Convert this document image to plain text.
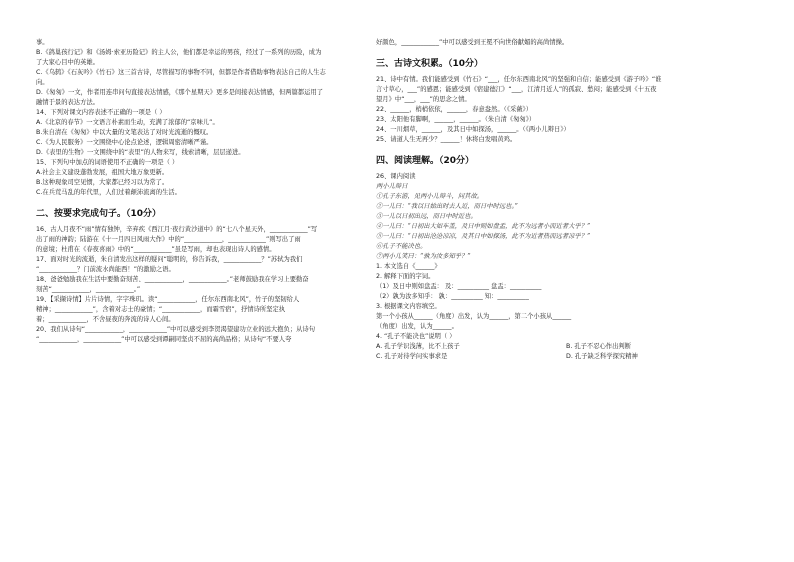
事。
B.《鸽巢孩行记》和《汤姆·索亚历险记》的主人公，他们都是幸运的男孩，经过了一系列的历险，成为
了大家心目中的英雄。
C.《乌鸫》《石灰吟》《竹石》这三首古诗，尽管描写的事物不同，但都是作者借助事物表达自己的人生志
向。
D.《匆匆》一文，作者用连串问句直接表达情感，《那个星期天》更多是间接表达情感，但两篇都运用了
融情于景的表达方法。
14、下列对课文内容表述不正确的一项是（ ）
A.《北京的春节》一文语言朴素而生动，充满了浓郁的“京味儿”。
B.朱自清在《匆匆》中以大量的文笔表达了对时光流逝的慨叹。
C.《为人民服务》一文围绕中心论点论述，逻辑周密清晰严谨。
D.《表里的生物》一文围绕中的“表里”的人物来写，线索清晰，层层递进。
15、下列句中加点的词语使用不正确的一项是（ ）
A.社会主义建设蓬勃发展，祖国大地万象更新。
B.这种现象司空见惯，大家都已经习以为常了。
C.在兵荒马乱的年代里，人们过着颠沛流离的生活。
二、按要求完成句子。（10分）
16、古人月夜不“雨”情有独钟，辛弃疾《西江月·夜行黄沙道中》的“七八个星天外，____________”写
出了雨的神韵；陆游在《十一月四日风雨大作》中的“____________，____________”则写出了雨
的意境；杜甫在《春夜喜雨》中的“____________”虽是写雨，却也表现出诗人的感情。
17、面对时光的流逝，朱自清发出这样的疑问“聪明的，你告诉我，____________？”苏轼为我们
“____________？门前流水尚能西！”的激励之语。
18、爸爸勉励我在生活中要勤奋刻苦、____________，____________。”老师鼓励我在学习上要勤奋
刻苦“____________，____________。”
19、【采撷诗情】片片诗情，字字珠玑。读“____________，任尔东西南北风”，竹子的坚韧给人
精神；____________”，含着对志士的豪情；“____________，而霜雪宿”，抒情诗所坚定执
着；____________，不舍昼夜的奔流的诗人心间。
20、我们从诗句“____________，____________”中可以感受到李贺渴望建功立业的远大抱负；从诗句
“____________，____________”中可以感受到谭嗣同坚贞不屈的高尚品格；从诗句“不要人夸
好颜色，____________”中可以感受到王冕不向世俗献媚的高尚情操。
三、古诗文积累。（10分）
21、诗中有情。我们能感受到《竹石》“___，任尔东西南北风”的坚强和自信；能感受到《游子吟》“谁
言寸草心，___”的感恩；能感受到《宿建德江》“___，江清月近人”的孤寂、愁闷；能感受到《十五夜
望月》中“___，___”的思念之情。
22、______，梢梢依依，______，春意盎然。（《采薇》）
23、太阳他有脚啊，______，______。（朱自清《匆匆》）
24、一川烟草，______，及其日中如探汤，______。（《两小儿辩日》）
25、请道人生无再少？______！休将白发唱黄鸡。
四、阅读理解。（20分）
26、课内阅读
两小儿辩日
①孔子东游，见两小儿辩斗，问其故。
②一儿曰：“我以日始出时去人近，而日中时远也。”
③一儿以日初出远，而日中时近也。
④一儿曰：“日初出大如车盖，及日中则如盘盂，此不为远者小而近者大乎？”
⑤一儿曰：“日初出沧沧凉凉，及其日中如探汤，此不为近者热而远者凉乎？”
⑥孔子不能决也。
⑦两小儿笑曰：“孰为汝多知乎？”
1. 本文选自《______》
2. 解释下面的字词。
（1）及日中则如盘盂： 及：__________ 盘盂：__________
（2）孰为汝多知乎： 孰：__________ 知：__________
3. 根据课文内容填空。
第一个小孩从______（角度）出发，认为______，第二个小孩从______
（角度）出发，认为______。
4. “孔子不能决也”说明（ ）
A. 孔子学识浅薄，比不上孩子	B. 孔子不忍心作出判断
C. 孔子对待学问实事求是	D. 孔子缺乏科学探究精神
